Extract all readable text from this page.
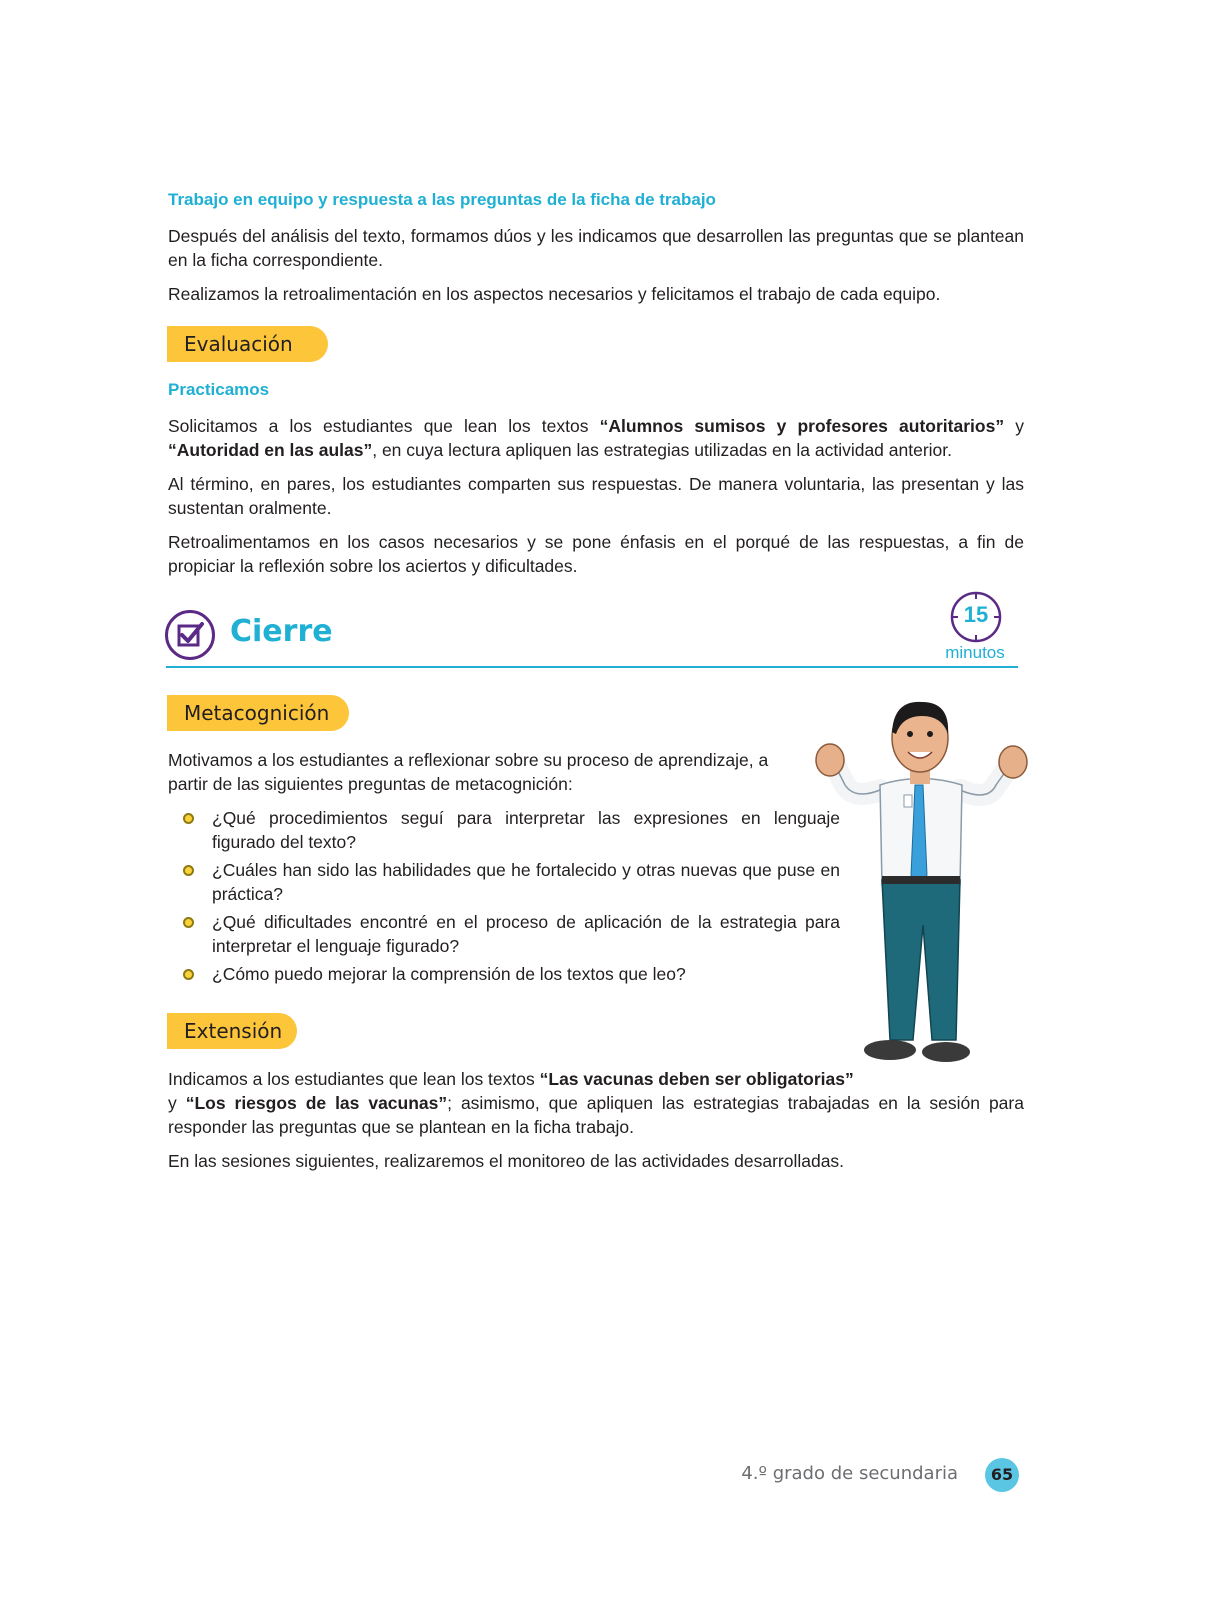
Trabajo en equipo y respuesta a las preguntas de la ficha de trabajo

Después del análisis del texto, formamos dúos y les indicamos que desarrollen las preguntas que se plantean en la ficha correspondiente.

Realizamos la retroalimentación en los aspectos necesarios y felicitamos el trabajo de cada equipo.

Evaluación
Practicamos

Solicitamos a los estudiantes que lean los textos “Alumnos sumisos y profesores autoritarios” y “Autoridad en las aulas”, en cuya lectura apliquen las estrategias utilizadas en la actividad anterior.

Al término, en pares, los estudiantes comparten sus respuestas. De manera voluntaria, las presentan y las sustentan oralmente.

Retroalimentamos en los casos necesarios y se pone énfasis en el porqué de las respuestas, a fin de propiciar la reflexión sobre los aciertos y dificultades.

Cierre	15
minutos
Metacognición

Motivamos a los estudiantes a reflexionar sobre su proceso de aprendizaje, a partir de las siguientes preguntas de metacognición:

¿Qué procedimientos seguí para interpretar las expresiones en lenguaje figurado del texto?
¿Cuáles han sido las habilidades que he fortalecido y otras nuevas que puse en práctica?
¿Qué dificultades encontré en el proceso de aplicación de la estrategia para interpretar el lenguaje figurado?
¿Cómo puedo mejorar la comprensión de los textos que leo?
Extensión

Indicamos a los estudiantes que lean los textos “Las vacunas deben ser obligatorias”

y “Los riesgos de las vacunas”; asimismo, que apliquen las estrategias trabajadas en la sesión para responder las preguntas que se plantean en la ficha trabajo.

En las sesiones siguientes, realizaremos el monitoreo de las actividades desarrolladas.

4.º grado de secundaria	65
